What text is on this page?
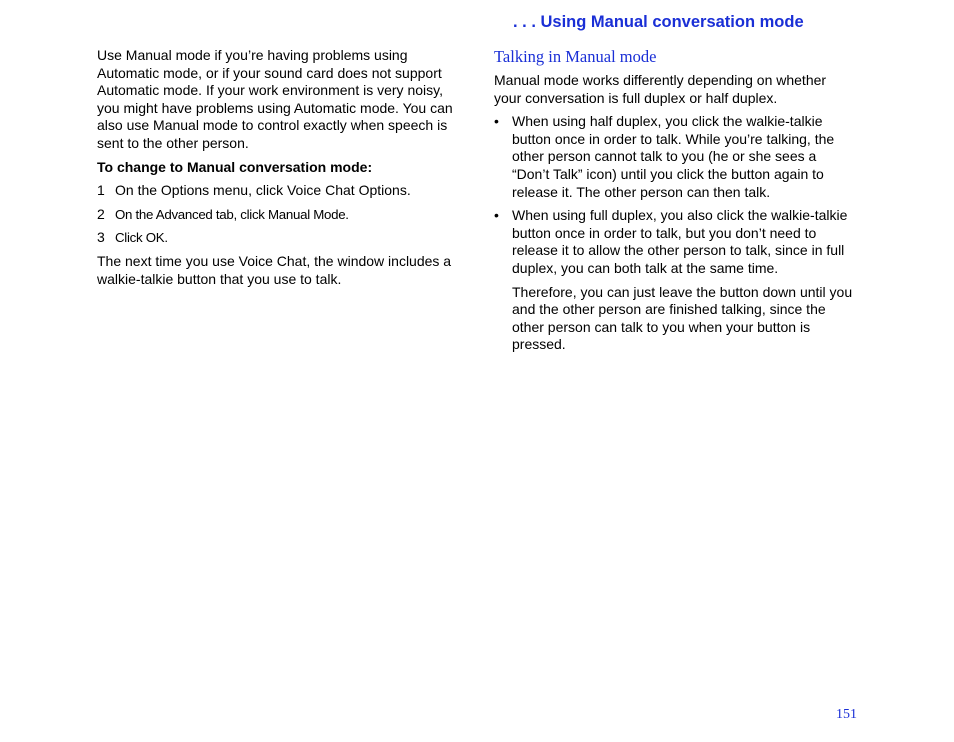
. . . Using Manual conversation mode

Use Manual mode if you’re having problems using Automatic mode, or if your sound card does not support Automatic mode. If your work environment is very noisy, you might have problems using Automatic mode. You can also use Manual mode to control exactly when speech is sent to the other person.

To change to Manual conversation mode:

1 On the Options menu, click Voice Chat Options.
2 On the Advanced tab, click Manual Mode.
3 Click OK.

The next time you use Voice Chat, the window includes a walkie-talkie button that you use to talk.

Talking in Manual mode

Manual mode works differently depending on whether your conversation is full duplex or half duplex.

• When using half duplex, you click the walkie-talkie button once in order to talk. While you’re talking, the other person cannot talk to you (he or she sees a “Don’t Talk” icon) until you click the button again to release it. The other person can then talk.
• When using full duplex, you also click the walkie-talkie button once in order to talk, but you don’t need to release it to allow the other person to talk, since in full duplex, you can both talk at the same time.

Therefore, you can just leave the button down until you and the other person are finished talking, since the other person can talk to you when your button is pressed.

151
